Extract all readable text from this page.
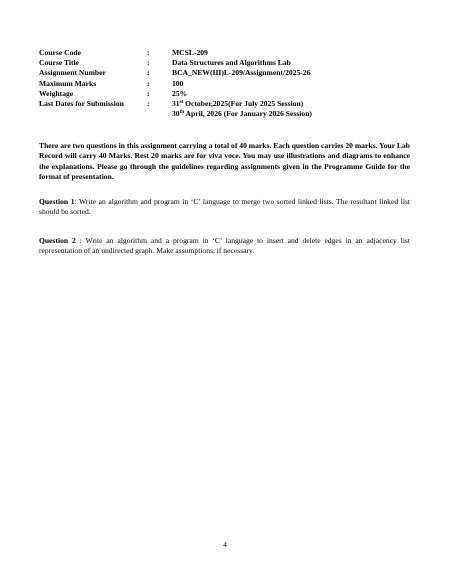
Course Code	:	MCSL-209
Course Title	:	Data Structures and Algorithms Lab
Assignment Number	:	BCA_NEW(III)L-209/Assignment/2025-26
Maximum Marks	:	100
Weightage	:	25%
Last Dates for Submission	:	31st October,2025(For July 2025 Session)
30th April, 2026 (For January 2026 Session)

There are two questions in this assignment carrying a total of 40 marks. Each question carries 20 marks. Your Lab Record will carry 40 Marks. Rest 20 marks are for viva voce. You may use illustrations and diagrams to enhance the explanations. Please go through the guidelines regarding assignments given in the Programme Guide for the format of presentation.

Question 1: Write an algorithm and program in ‘C’ language to merge two sorted linked lists. The resultant linked list should be sorted.

Question 2 : Write an algorithm and a program in ‘C’ language to insert and delete edges in an adjacency list representation of an undirected graph. Make assumptions, if necessary.

4
